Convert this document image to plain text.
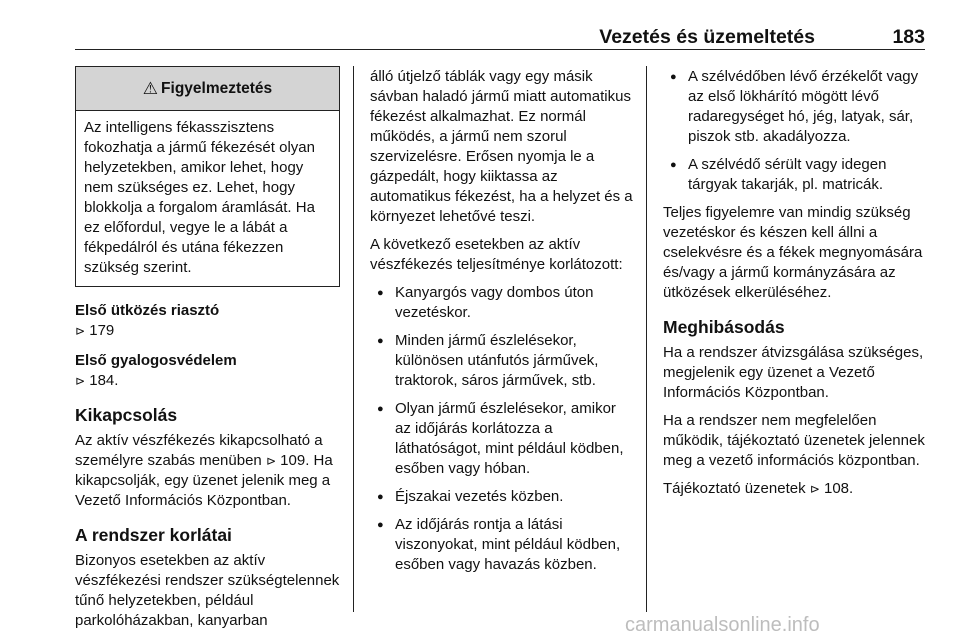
Vezetés és üzemeltetés	183
⚠ Figyelmeztetés
Az intelligens fékasszisztens fokozhatja a jármű fékezését olyan helyzetekben, amikor lehet, hogy nem szükséges ez. Lehet, hogy blokkolja a forgalom áramlását. Ha ez előfordul, vegye le a lábát a fékpedálról és utána fékezzen szükség szerint.
Első ütközés riasztó
⊳ 179
Első gyalogosvédelem
⊳ 184.
Kikapcsolás

Az aktív vészfékezés kikapcsolható a személyre szabás menüben ⊳ 109. Ha kikapcsolják, egy üzenet jelenik meg a Vezető Információs Központban.

A rendszer korlátai

Bizonyos esetekben az aktív vészfékezési rendszer szükségtelennek tűnő helyzetekben, például parkolóházakban, kanyarban

álló útjelző táblák vagy egy másik sávban haladó jármű miatt automatikus fékezést alkalmazhat. Ez normál működés, a jármű nem szorul szervizelésre. Erősen nyomja le a gázpedált, hogy kiiktassa az automatikus fékezést, ha a helyzet és a környezet lehetővé teszi.

A következő esetekben az aktív vészfékezés teljesítménye korlátozott:

● Kanyargós vagy dombos úton vezetéskor.
● Minden jármű észlelésekor, különösen utánfutós járművek, traktorok, sáros járművek, stb.
● Olyan jármű észlelésekor, amikor az időjárás korlátozza a láthatóságot, mint például ködben, esőben vagy hóban.
● Éjszakai vezetés közben.
● Az időjárás rontja a látási viszonyokat, mint például ködben, esőben vagy havazás közben.
● A szélvédőben lévő érzékelőt vagy az első lökhárító mögött lévő radaregységet hó, jég, latyak, sár, piszok stb. akadályozza.
● A szélvédő sérült vagy idegen tárgyak takarják, pl. matricák.

Teljes figyelemre van mindig szükség vezetéskor és készen kell állni a cselekvésre és a fékek megnyomására és/vagy a jármű kormányzására az ütközések elkerüléséhez.

Meghibásodás

Ha a rendszer átvizsgálása szükséges, megjelenik egy üzenet a Vezető Információs Központban.

Ha a rendszer nem megfelelően működik, tájékoztató üzenetek jelennek meg a vezető információs központban.

Tájékoztató üzenetek ⊳ 108.

carmanualsonline.info
